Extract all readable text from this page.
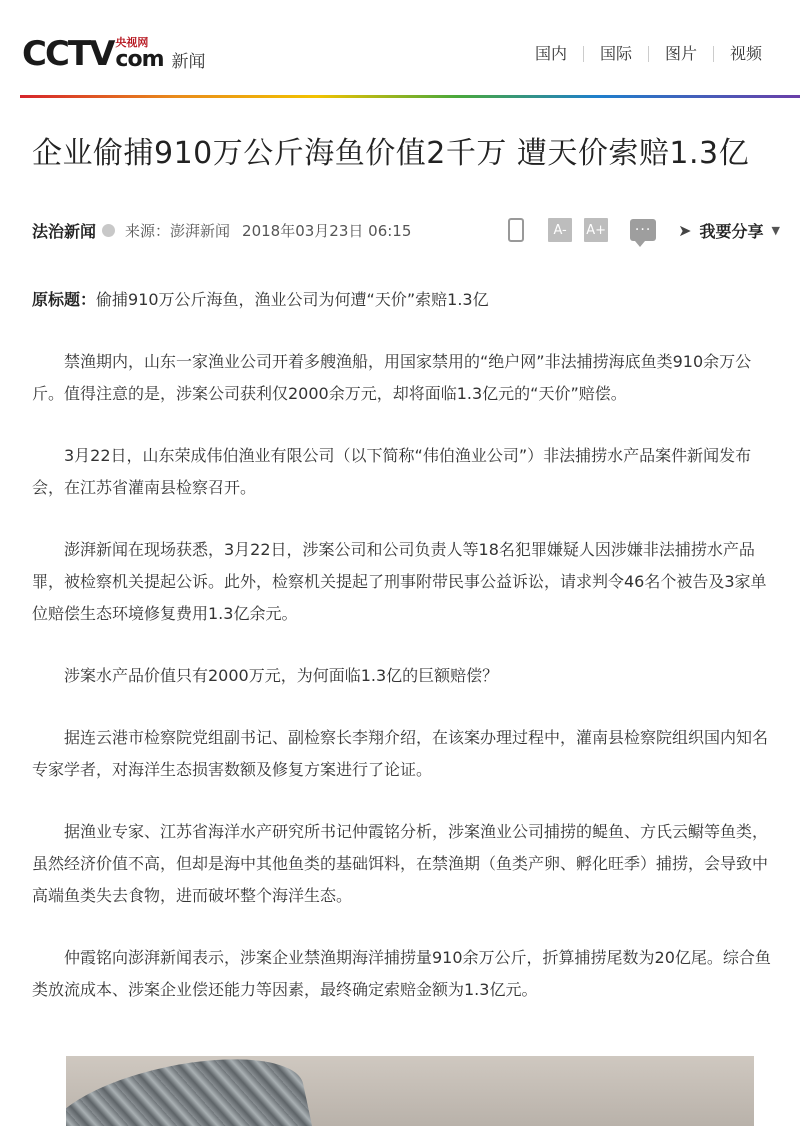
CCTV 央视网
com 新闻	国内	国际	图片	视频
企业偷捕910万公斤海鱼价值2千万 遭天价索赔1.3亿
法治新闻 来源：澎湃新闻 2018年03月23日 06:15	A-	A+	···	➤ 我要分享 ▼

原标题：偷捕910万公斤海鱼，渔业公司为何遭“天价”索赔1.3亿

禁渔期内，山东一家渔业公司开着多艘渔船，用国家禁用的“绝户网”非法捕捞海底鱼类910余万公斤。值得注意的是，涉案公司获利仅2000余万元，却将面临1.3亿元的“天价”赔偿。

3月22日，山东荣成伟伯渔业有限公司（以下简称“伟伯渔业公司”）非法捕捞水产品案件新闻发布会，在江苏省灌南县检察召开。

澎湃新闻在现场获悉，3月22日，涉案公司和公司负责人等18名犯罪嫌疑人因涉嫌非法捕捞水产品罪，被检察机关提起公诉。此外，检察机关提起了刑事附带民事公益诉讼，请求判令46名个被告及3家单位赔偿生态环境修复费用1.3亿余元。

涉案水产品价值只有2000万元，为何面临1.3亿的巨额赔偿？

据连云港市检察院党组副书记、副检察长李翔介绍，在该案办理过程中，灌南县检察院组织国内知名专家学者，对海洋生态损害数额及修复方案进行了论证。

据渔业专家、江苏省海洋水产研究所书记仲霞铭分析，涉案渔业公司捕捞的鳀鱼、方氏云鳚等鱼类，虽然经济价值不高，但却是海中其他鱼类的基础饵料，在禁渔期（鱼类产卵、孵化旺季）捕捞，会导致中高端鱼类失去食物，进而破坏整个海洋生态。

仲霞铭向澎湃新闻表示，涉案企业禁渔期海洋捕捞量910余万公斤，折算捕捞尾数为20亿尾。综合鱼类放流成本、涉案企业偿还能力等因素，最终确定索赔金额为1.3亿元。
